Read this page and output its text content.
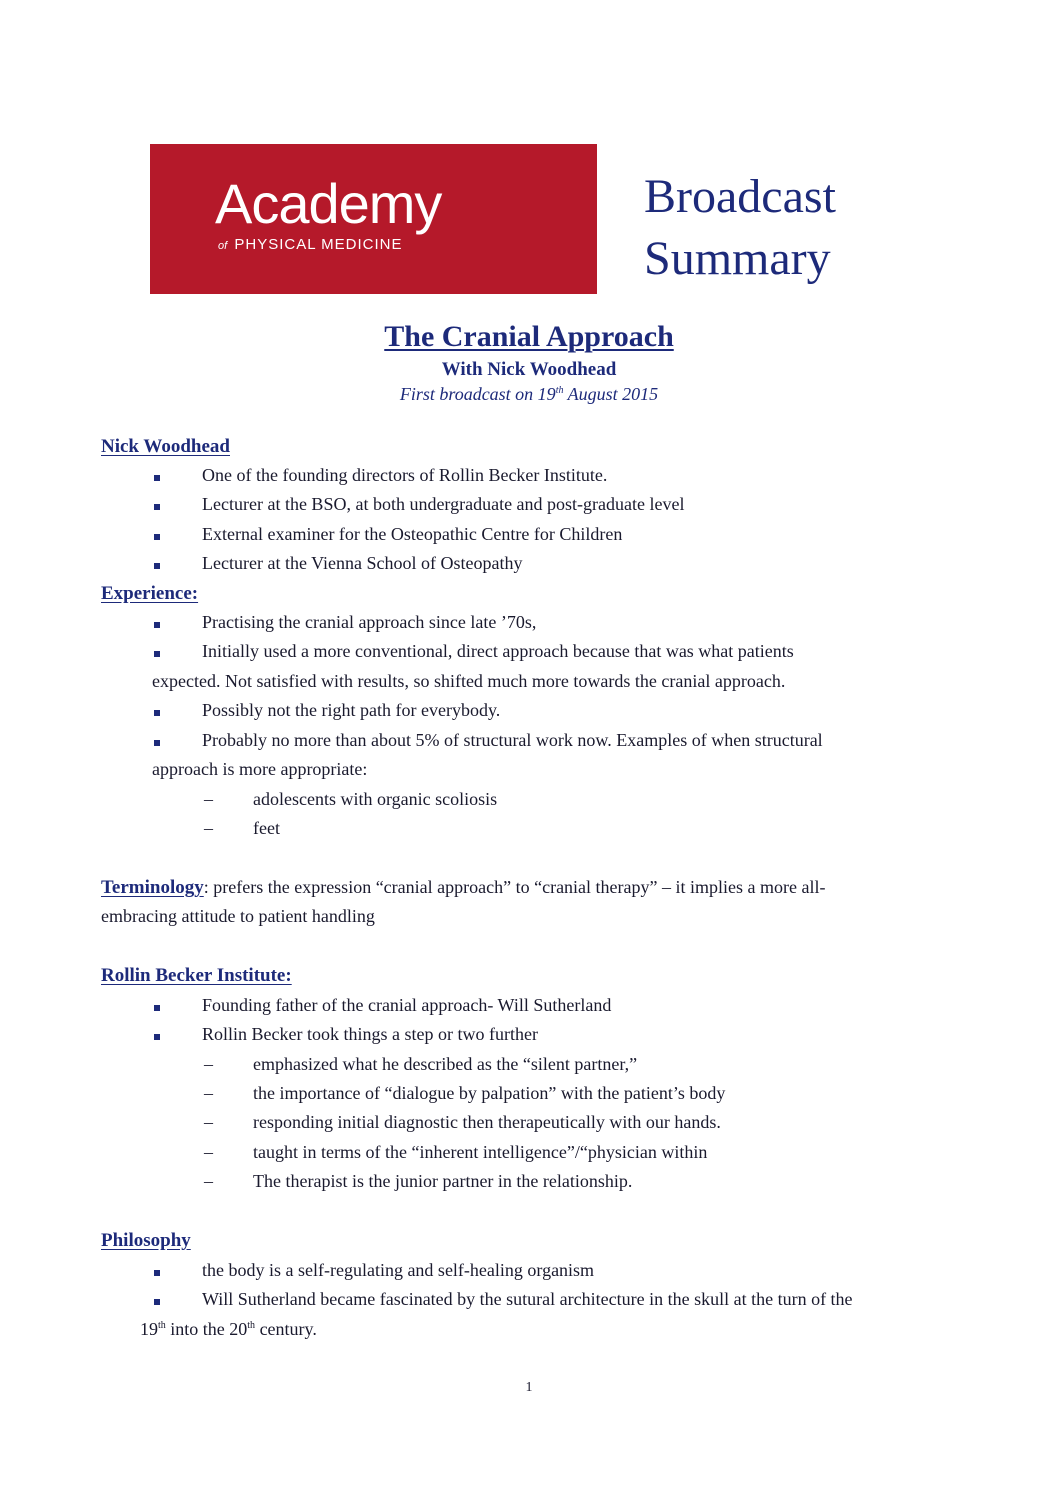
Academy
of PHYSICAL MEDICINE
Broadcast
Summary
The Cranial Approach
With Nick Woodhead
First broadcast on 19th August 2015
Nick Woodhead
One of the founding directors of Rollin Becker Institute.
Lecturer at the BSO, at both undergraduate and post-graduate level
External examiner for the Osteopathic Centre for Children
Lecturer at the Vienna School of Osteopathy
Experience:
Practising the cranial approach since late ’70s,
Initially used a more conventional, direct approach because that was what patients
expected. Not satisfied with results, so shifted much more towards the cranial approach.
Possibly not the right path for everybody.
Probably no more than about 5% of structural work now. Examples of when structural
approach is more appropriate:
– adolescents with organic scoliosis
– feet
Terminology: prefers the expression “cranial approach” to “cranial therapy” – it implies a more all-
embracing attitude to patient handling
Rollin Becker Institute:
Founding father of the cranial approach- Will Sutherland
Rollin Becker took things a step or two further
– emphasized what he described as the “silent partner,”
– the importance of “dialogue by palpation” with the patient’s body
– responding initial diagnostic then therapeutically with our hands.
– taught in terms of the “inherent intelligence”/“physician within
– The therapist is the junior partner in the relationship.
Philosophy
the body is a self-regulating and self-healing organism
Will Sutherland became fascinated by the sutural architecture in the skull at the turn of the
19th into the 20th century.
1
